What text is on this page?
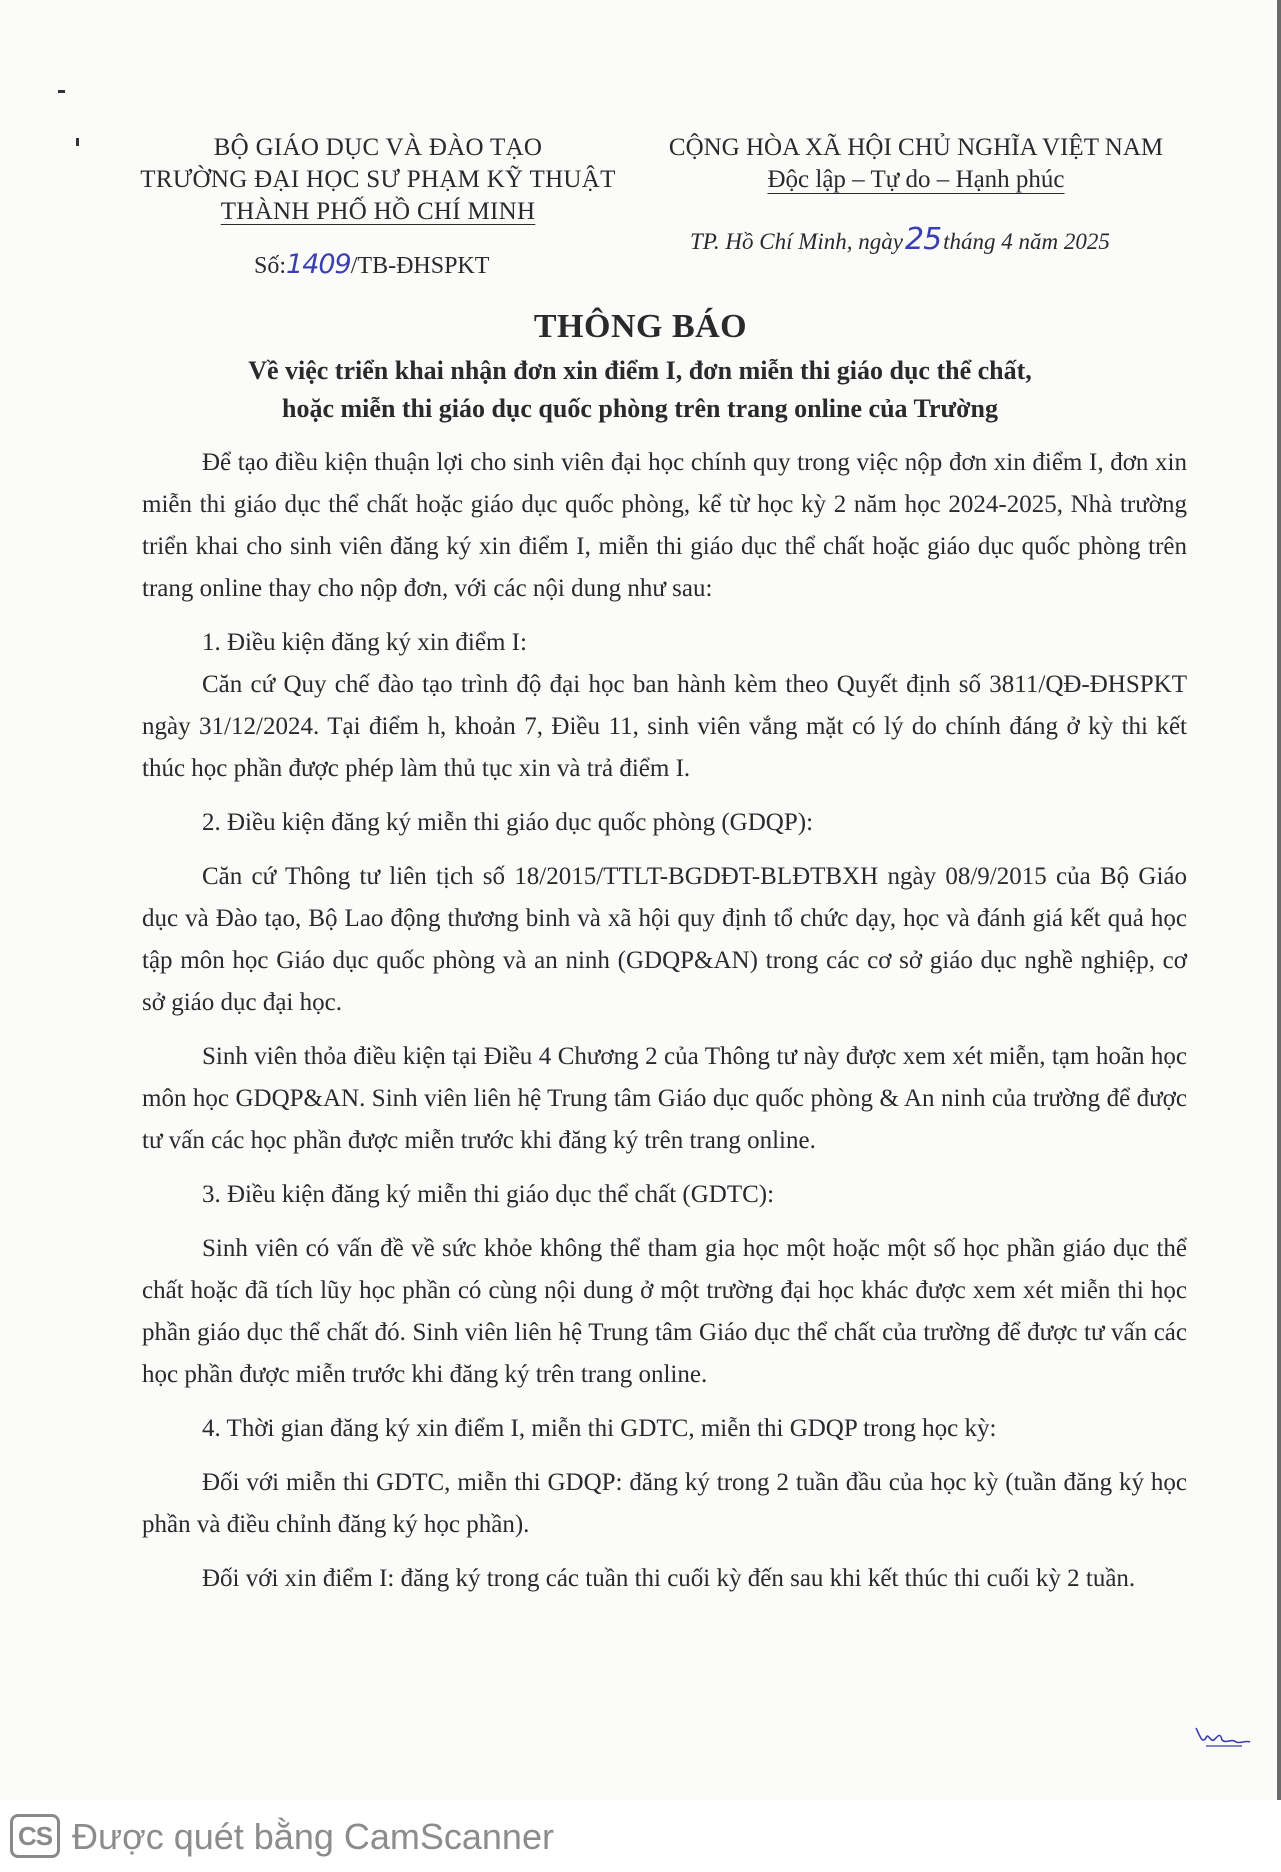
BỘ GIÁO DỤC VÀ ĐÀO TẠO
TRƯỜNG ĐẠI HỌC SƯ PHẠM KỸ THUẬT
THÀNH PHỐ HỒ CHÍ MINH
Số:1409/TB-ĐHSPKT
CỘNG HÒA XÃ HỘI CHỦ NGHĨA VIỆT NAM
Độc lập – Tự do – Hạnh phúc
TP. Hồ Chí Minh, ngày25tháng 4 năm 2025
THÔNG BÁO
Về việc triển khai nhận đơn xin điểm I, đơn miễn thi giáo dục thể chất,
hoặc miễn thi giáo dục quốc phòng trên trang online của Trường

Để tạo điều kiện thuận lợi cho sinh viên đại học chính quy trong việc nộp đơn xin điểm I, đơn xin miễn thi giáo dục thể chất hoặc giáo dục quốc phòng, kể từ học kỳ 2 năm học 2024-2025, Nhà trường triển khai cho sinh viên đăng ký xin điểm I, miễn thi giáo dục thể chất hoặc giáo dục quốc phòng trên trang online thay cho nộp đơn, với các nội dung như sau:

1. Điều kiện đăng ký xin điểm I:

Căn cứ Quy chế đào tạo trình độ đại học ban hành kèm theo Quyết định số 3811/QĐ-ĐHSPKT ngày 31/12/2024. Tại điểm h, khoản 7, Điều 11, sinh viên vắng mặt có lý do chính đáng ở kỳ thi kết thúc học phần được phép làm thủ tục xin và trả điểm I.

2. Điều kiện đăng ký miễn thi giáo dục quốc phòng (GDQP):

Căn cứ Thông tư liên tịch số 18/2015/TTLT-BGDĐT-BLĐTBXH ngày 08/9/2015 của Bộ Giáo dục và Đào tạo, Bộ Lao động thương binh và xã hội quy định tổ chức dạy, học và đánh giá kết quả học tập môn học Giáo dục quốc phòng và an ninh (GDQP&AN) trong các cơ sở giáo dục nghề nghiệp, cơ sở giáo dục đại học.

Sinh viên thỏa điều kiện tại Điều 4 Chương 2 của Thông tư này được xem xét miễn, tạm hoãn học môn học GDQP&AN. Sinh viên liên hệ Trung tâm Giáo dục quốc phòng & An ninh của trường để được tư vấn các học phần được miễn trước khi đăng ký trên trang online.

3. Điều kiện đăng ký miễn thi giáo dục thể chất (GDTC):

Sinh viên có vấn đề về sức khỏe không thể tham gia học một hoặc một số học phần giáo dục thể chất hoặc đã tích lũy học phần có cùng nội dung ở một trường đại học khác được xem xét miễn thi học phần giáo dục thể chất đó. Sinh viên liên hệ Trung tâm Giáo dục thể chất của trường để được tư vấn các học phần được miễn trước khi đăng ký trên trang online.

4. Thời gian đăng ký xin điểm I, miễn thi GDTC, miễn thi GDQP trong học kỳ:

Đối với miễn thi GDTC, miễn thi GDQP: đăng ký trong 2 tuần đầu của học kỳ (tuần đăng ký học phần và điều chỉnh đăng ký học phần).

Đối với xin điểm I: đăng ký trong các tuần thi cuối kỳ đến sau khi kết thúc thi cuối kỳ 2 tuần.

CS Được quét bằng CamScanner
